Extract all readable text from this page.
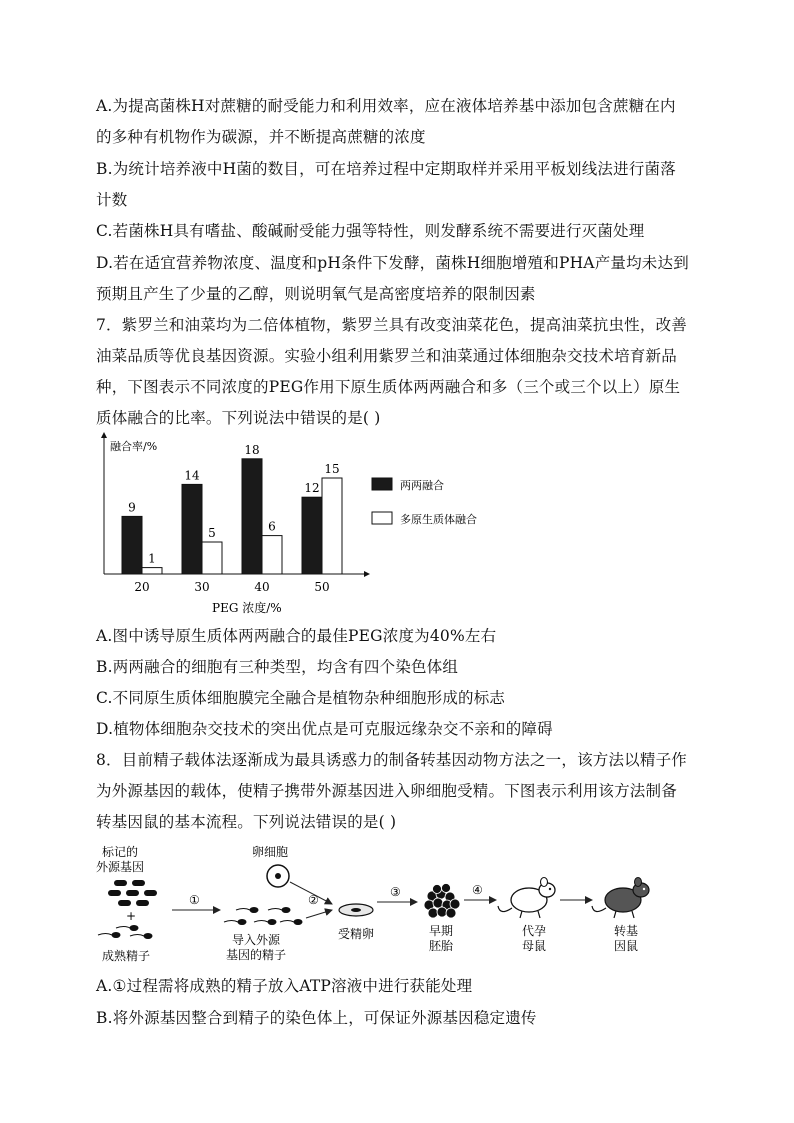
A.为提高菌株H对蔗糖的耐受能力和利用效率，应在液体培养基中添加包含蔗糖在内
的多种有机物作为碳源，并不断提高蔗糖的浓度
B.为统计培养液中H菌的数目，可在培养过程中定期取样并采用平板划线法进行菌落
计数
C.若菌株H具有嗜盐、酸碱耐受能力强等特性，则发酵系统不需要进行灭菌处理
D.若在适宜营养物浓度、温度和pH条件下发酵，菌株H细胞增殖和PHA产量均未达到
预期且产生了少量的乙醇，则说明氧气是高密度培养的限制因素
7．紫罗兰和油菜均为二倍体植物，紫罗兰具有改变油菜花色，提高油菜抗虫性，改善
油菜品质等优良基因资源。实验小组利用紫罗兰和油菜通过体细胞杂交技术培育新品
种，下图表示不同浓度的PEG作用下原生质体两两融合和多（三个或三个以上）原生
质体融合的比率。下列说法中错误的是( )
融合率/%
PEG 浓度/%
9
1
20
14
5
30
18
6
40
12
15
50
两两融合
多原生质体融合
A.图中诱导原生质体两两融合的最佳PEG浓度为40%左右
B.两两融合的细胞有三种类型，均含有四个染色体组
C.不同原生质体细胞膜完全融合是植物杂种细胞形成的标志
D.植物体细胞杂交技术的突出优点是可克服远缘杂交不亲和的障碍
8．目前精子载体法逐渐成为最具诱惑力的制备转基因动物方法之一，该方法以精子作
为外源基因的载体，使精子携带外源基因进入卵细胞受精。下图表示利用该方法制备
转基因鼠的基本流程。下列说法错误的是( )
标记的
外源基因
+
成熟精子
①
卵细胞
导入外源
基因的精子
②
受精卵
③
早期
胚胎
④
代孕
母鼠
转基
因鼠
A.①过程需将成熟的精子放入ATP溶液中进行获能处理
B.将外源基因整合到精子的染色体上，可保证外源基因稳定遗传
